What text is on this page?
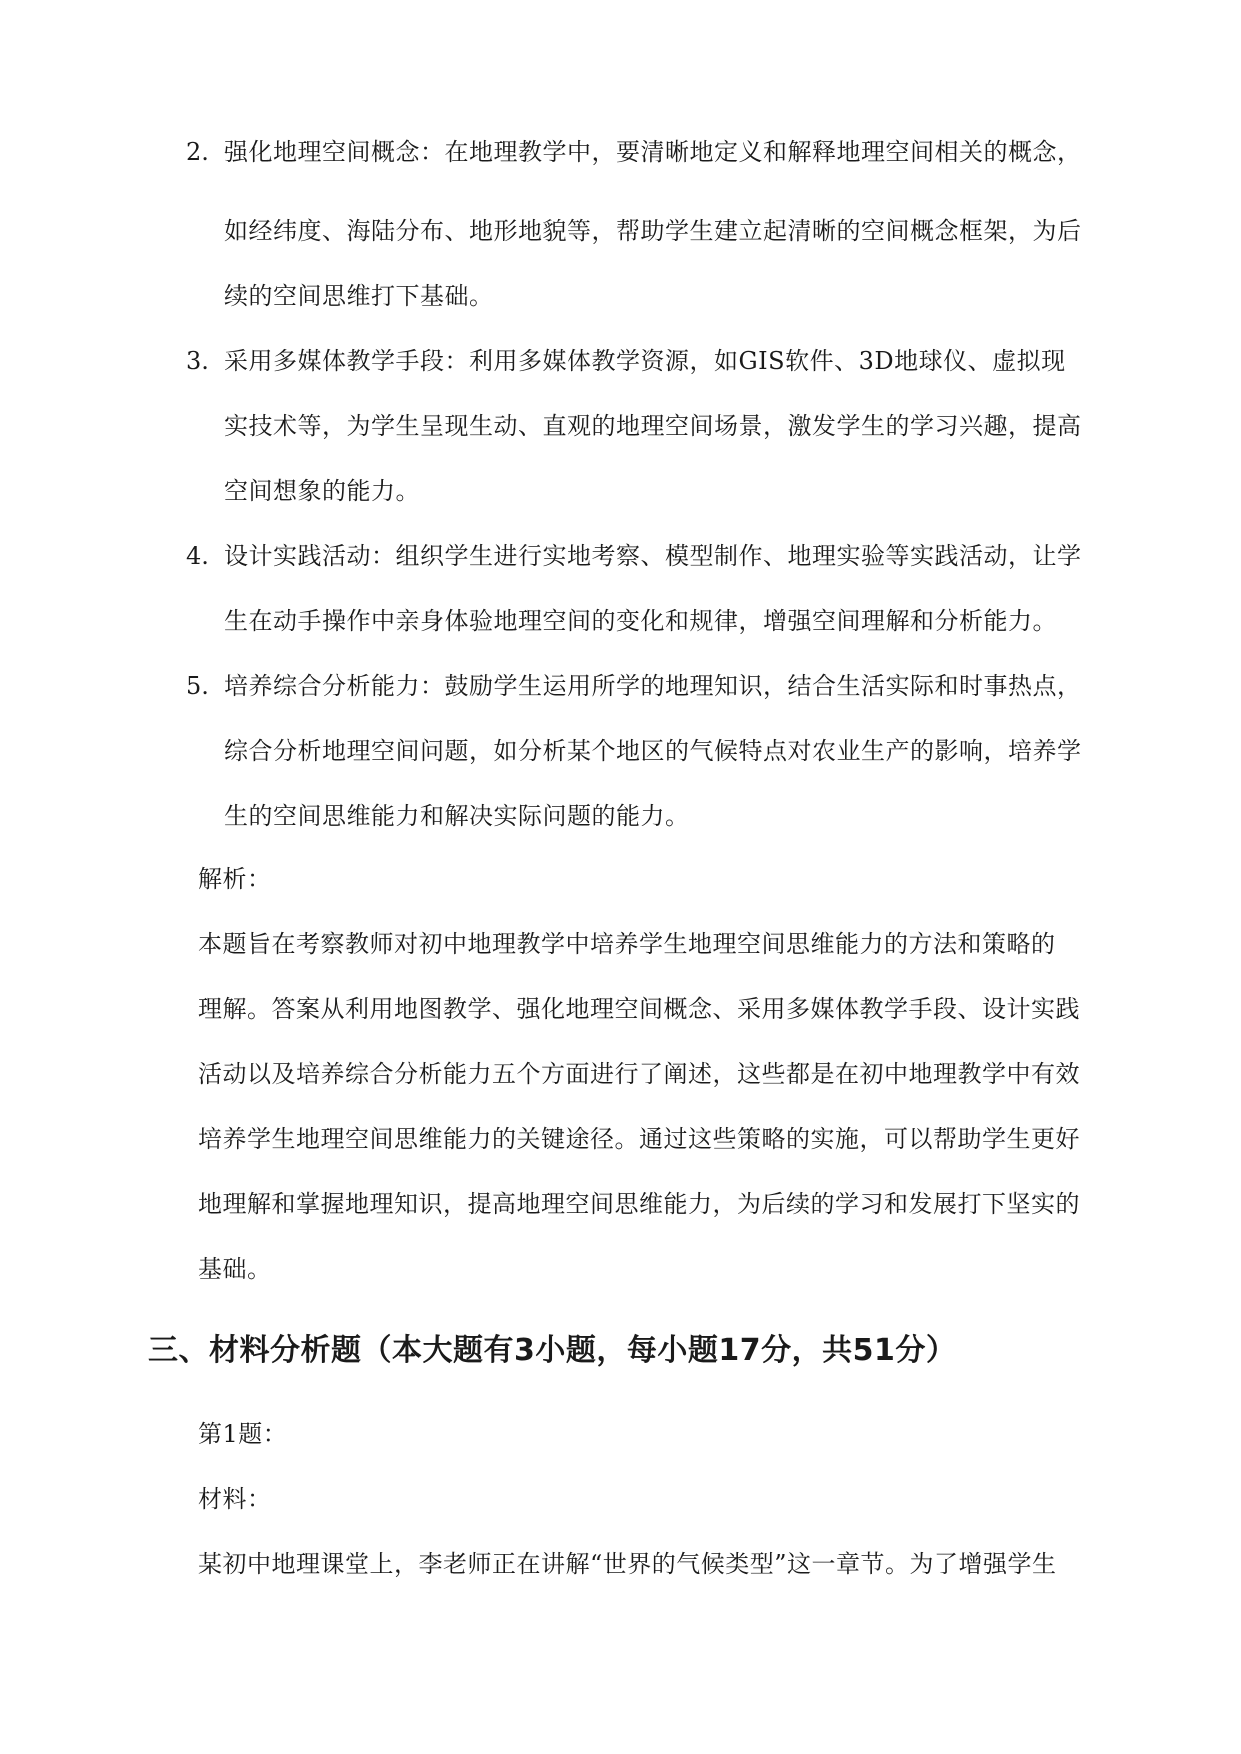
2. 强化地理空间概念：在地理教学中，要清晰地定义和解释地理空间相关的概念，
如经纬度、海陆分布、地形地貌等，帮助学生建立起清晰的空间概念框架，为后
续的空间思维打下基础。
3. 采用多媒体教学手段：利用多媒体教学资源，如GIS软件、3D地球仪、虚拟现
实技术等，为学生呈现生动、直观的地理空间场景，激发学生的学习兴趣，提高
空间想象的能力。
4. 设计实践活动：组织学生进行实地考察、模型制作、地理实验等实践活动，让学
生在动手操作中亲身体验地理空间的变化和规律，增强空间理解和分析能力。
5. 培养综合分析能力：鼓励学生运用所学的地理知识，结合生活实际和时事热点，
综合分析地理空间问题，如分析某个地区的气候特点对农业生产的影响，培养学
生的空间思维能力和解决实际问题的能力。
解析：
本题旨在考察教师对初中地理教学中培养学生地理空间思维能力的方法和策略的
理解。答案从利用地图教学、强化地理空间概念、采用多媒体教学手段、设计实践
活动以及培养综合分析能力五个方面进行了阐述，这些都是在初中地理教学中有效
培养学生地理空间思维能力的关键途径。通过这些策略的实施，可以帮助学生更好
地理解和掌握地理知识，提高地理空间思维能力，为后续的学习和发展打下坚实的
基础。
三、材料分析题（本大题有3小题，每小题17分，共51分）
第1题：
材料：
某初中地理课堂上，李老师正在讲解“世界的气候类型”这一章节。为了增强学生
